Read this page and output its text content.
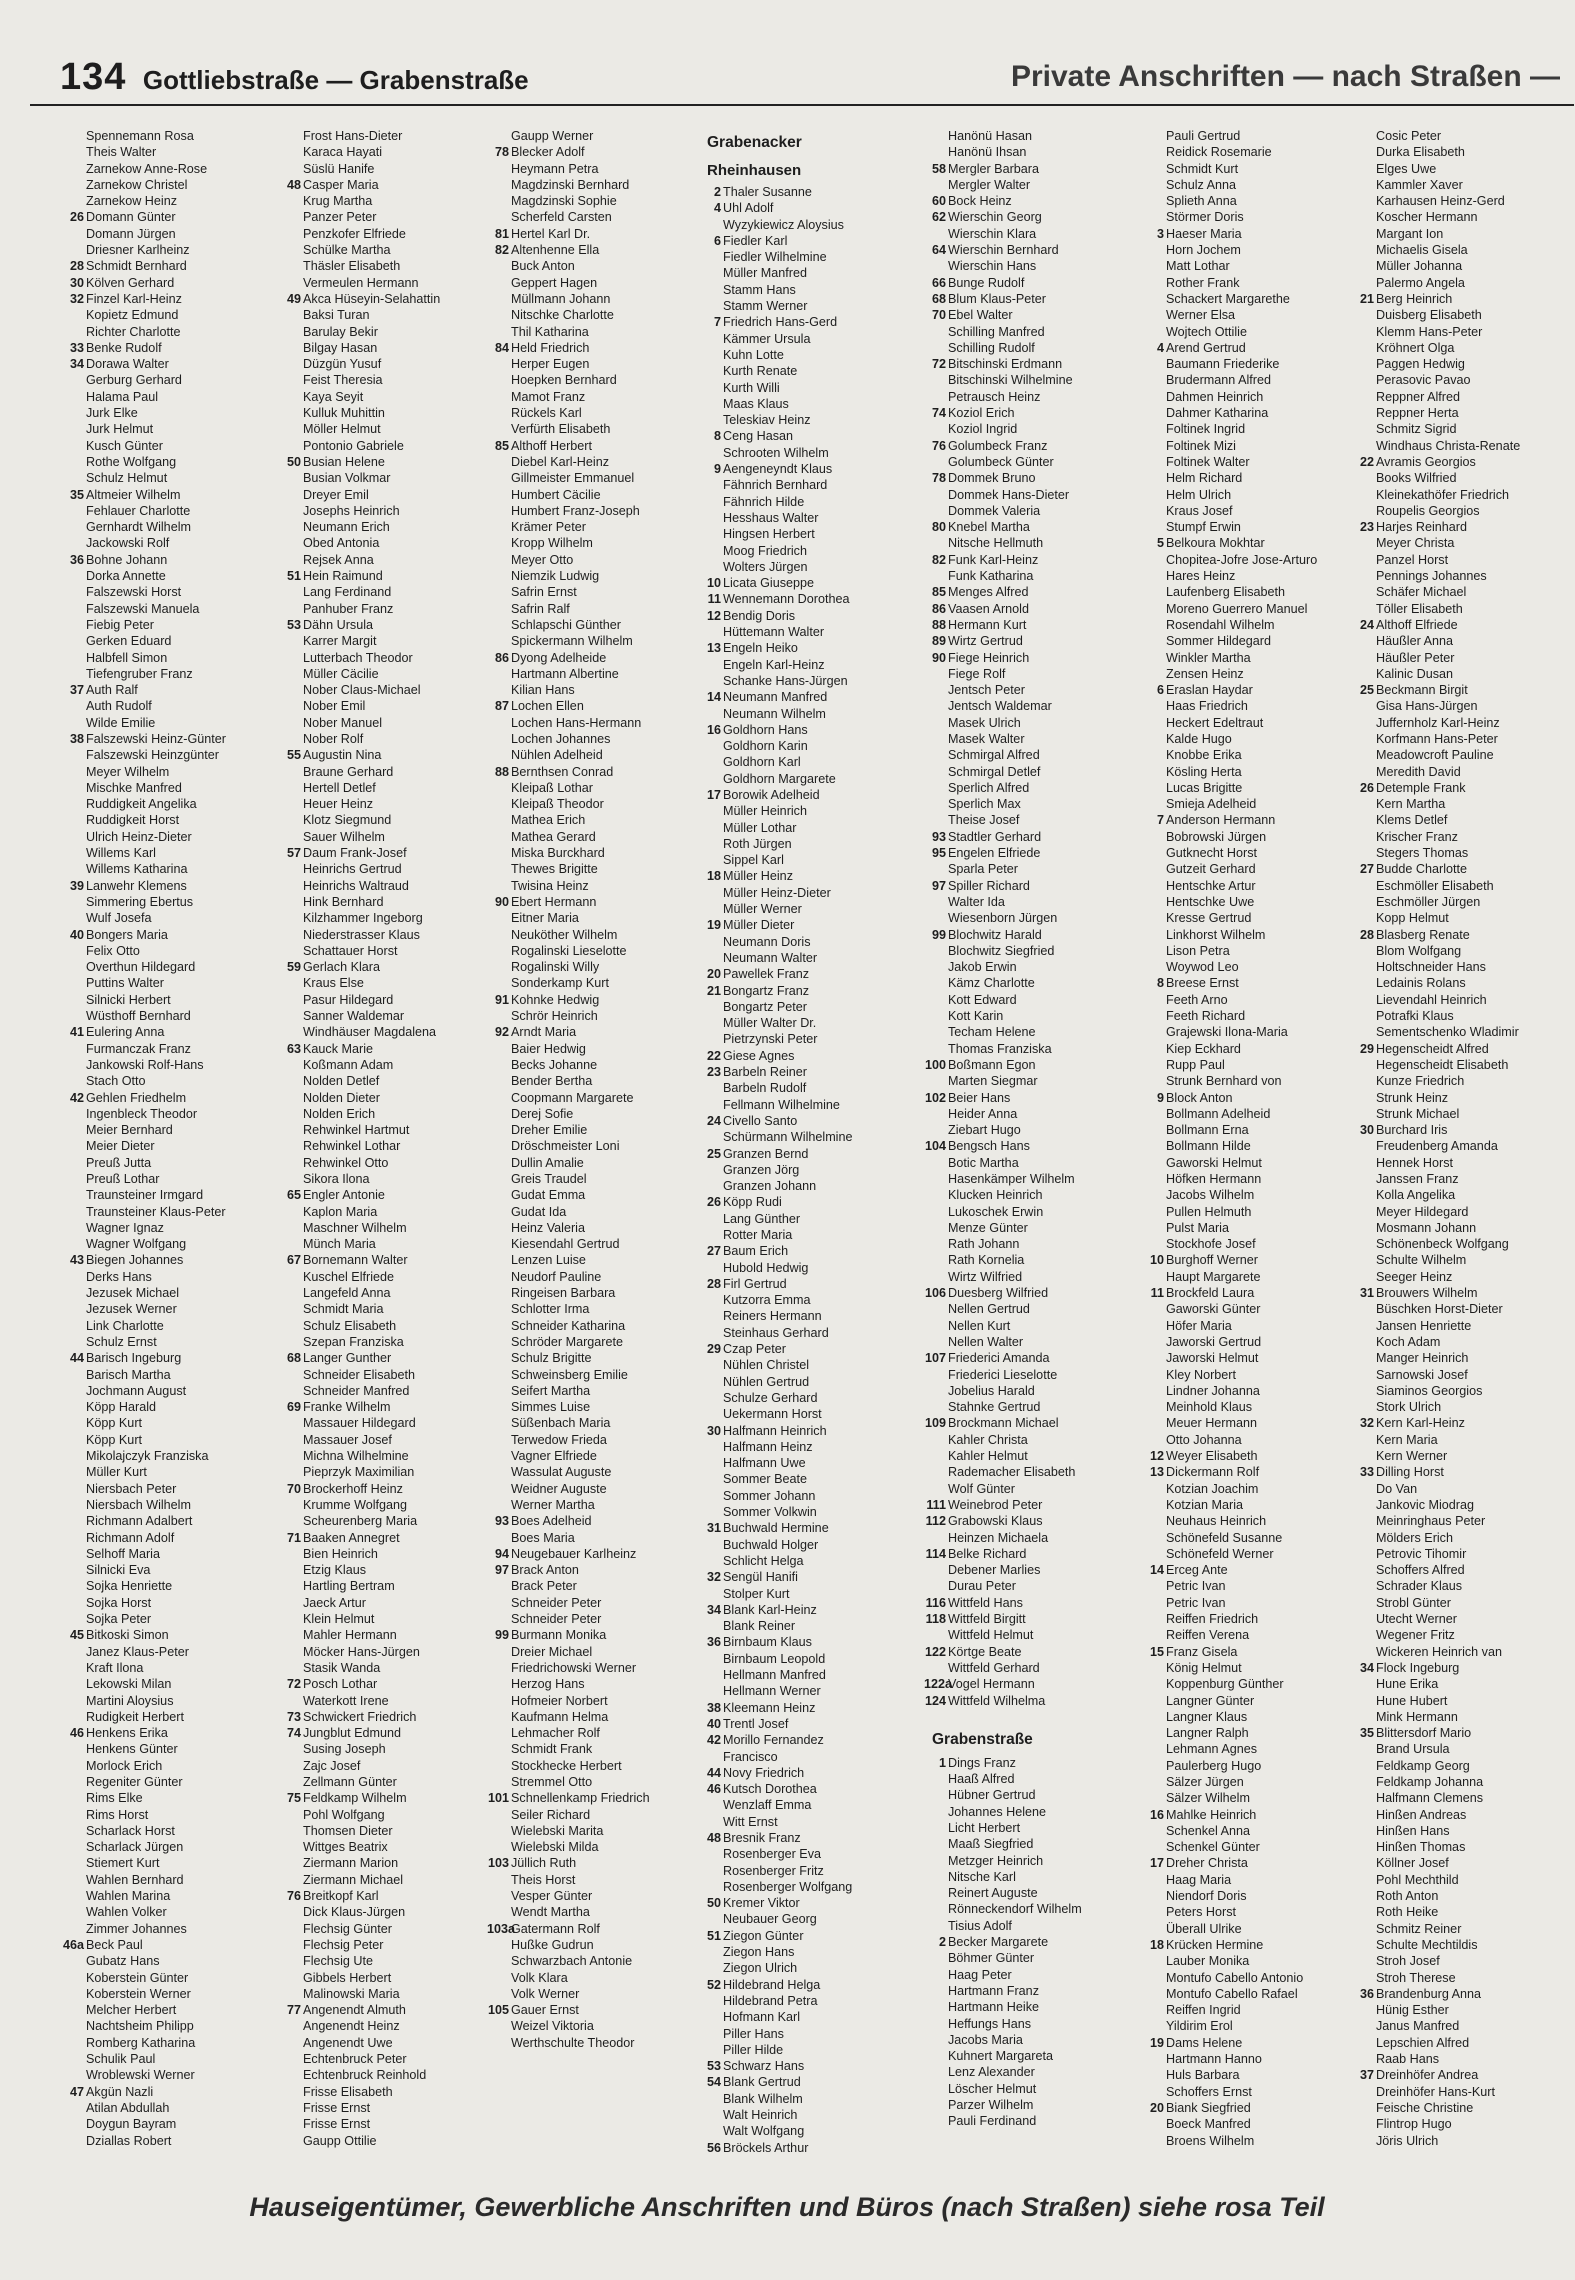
134 Gottliebstraße — Grabenstraße	Private Anschriften — nach Straßen —
Spennemann Rosa
Theis Walter
Zarnekow Anne-Rose
Zarnekow Christel
Zarnekow Heinz
26 Domann Günter
Domann Jürgen
Driesner Karlheinz
28 Schmidt Bernhard
30 Kölven Gerhard
32 Finzel Karl-Heinz
Kopietz Edmund
Richter Charlotte
33 Benke Rudolf
34 Dorawa Walter
Gerburg Gerhard
Halama Paul
Jurk Elke
Jurk Helmut
Kusch Günter
Rothe Wolfgang
Schulz Helmut
35 Altmeier Wilhelm
Fehlauer Charlotte
Gernhardt Wilhelm
Jackowski Rolf
36 Bohne Johann
Dorka Annette
Falszewski Horst
Falszewski Manuela
Fiebig Peter
Gerken Eduard
Halbfell Simon
Tiefengruber Franz
37 Auth Ralf
Auth Rudolf
Wilde Emilie
38 Falszewski Heinz-Günter
Falszewski Heinzgünter
Meyer Wilhelm
Mischke Manfred
Ruddigkeit Angelika
Ruddigkeit Horst
Ulrich Heinz-Dieter
Willems Karl
Willems Katharina
39 Lanwehr Klemens
Simmering Ebertus
Wulf Josefa
40 Bongers Maria
Felix Otto
Overthun Hildegard
Puttins Walter
Silnicki Herbert
Wüsthoff Bernhard
41 Eulering Anna
Furmanczak Franz
Jankowski Rolf-Hans
Stach Otto
42 Gehlen Friedhelm
Ingenbleck Theodor
Meier Bernhard
Meier Dieter
Preuß Jutta
Preuß Lothar
Traunsteiner Irmgard
Traunsteiner Klaus-Peter
Wagner Ignaz
Wagner Wolfgang
43 Biegen Johannes
Derks Hans
Jezusek Michael
Jezusek Werner
Link Charlotte
Schulz Ernst
44 Barisch Ingeburg
Barisch Martha
Jochmann August
Köpp Harald
Köpp Kurt
Köpp Kurt
Mikolajczyk Franziska
Müller Kurt
Niersbach Peter
Niersbach Wilhelm
Richmann Adalbert
Richmann Adolf
Selhoff Maria
Silnicki Eva
Sojka Henriette
Sojka Horst
Sojka Peter
45 Bitkoski Simon
Janez Klaus-Peter
Kraft Ilona
Lekowski Milan
Martini Aloysius
Rudigkeit Herbert
46 Henkens Erika
Henkens Günter
Morlock Erich
Regeniter Günter
Rims Elke
Rims Horst
Scharlack Horst
Scharlack Jürgen
Stiemert Kurt
Wahlen Bernhard
Wahlen Marina
Wahlen Volker
Zimmer Johannes
46a Beck Paul
Gubatz Hans
Koberstein Günter
Koberstein Werner
Melcher Herbert
Nachtsheim Philipp
Romberg Katharina
Schulik Paul
Wroblewski Werner
47 Akgün Nazli
Atilan Abdullah
Doygun Bayram
Dziallas Robert
Frost Hans-Dieter
Karaca Hayati
Süslü Hanife
48 Casper Maria
Krug Martha
Panzer Peter
Penzkofer Elfriede
Schülke Martha
Thäsler Elisabeth
Vermeulen Hermann
49 Akca Hüseyin-Selahattin
Baksi Turan
Barulay Bekir
Bilgay Hasan
Düzgün Yusuf
Feist Theresia
Kaya Seyit
Kulluk Muhittin
Möller Helmut
Pontonio Gabriele
50 Busian Helene
Busian Volkmar
Dreyer Emil
Josephs Heinrich
Neumann Erich
Obed Antonia
Rejsek Anna
51 Hein Raimund
Lang Ferdinand
Panhuber Franz
53 Dähn Ursula
Karrer Margit
Lutterbach Theodor
Müller Cäcilie
Nober Claus-Michael
Nober Emil
Nober Manuel
Nober Rolf
55 Augustin Nina
Braune Gerhard
Hertell Detlef
Heuer Heinz
Klotz Siegmund
Sauer Wilhelm
57 Daum Frank-Josef
Heinrichs Gertrud
Heinrichs Waltraud
Hink Bernhard
Kilzhammer Ingeborg
Niederstrasser Klaus
Schattauer Horst
59 Gerlach Klara
Kraus Else
Pasur Hildegard
Sanner Waldemar
Windhäuser Magdalena
63 Kauck Marie
Koßmann Adam
Nolden Detlef
Nolden Dieter
Nolden Erich
Rehwinkel Hartmut
Rehwinkel Lothar
Rehwinkel Otto
Sikora Ilona
65 Engler Antonie
Kaplon Maria
Maschner Wilhelm
Münch Maria
67 Bornemann Walter
Kuschel Elfriede
Langefeld Anna
Schmidt Maria
Schulz Elisabeth
Szepan Franziska
68 Langer Gunther
Schneider Elisabeth
Schneider Manfred
69 Franke Wilhelm
Massauer Hildegard
Massauer Josef
Michna Wilhelmine
Pieprzyk Maximilian
70 Brockerhoff Heinz
Krumme Wolfgang
Scheurenberg Maria
71 Baaken Annegret
Bien Heinrich
Etzig Klaus
Hartling Bertram
Jaeck Artur
Klein Helmut
Mahler Hermann
Möcker Hans-Jürgen
Stasik Wanda
72 Posch Lothar
Waterkott Irene
73 Schwickert Friedrich
74 Jungblut Edmund
Susing Joseph
Zajc Josef
Zellmann Günter
75 Feldkamp Wilhelm
Pohl Wolfgang
Thomsen Dieter
Wittges Beatrix
Ziermann Marion
Ziermann Michael
76 Breitkopf Karl
Dick Klaus-Jürgen
Flechsig Günter
Flechsig Peter
Flechsig Ute
Gibbels Herbert
Malinowski Maria
77 Angenendt Almuth
Angenendt Heinz
Angenendt Uwe
Echtenbruck Peter
Echtenbruck Reinhold
Frisse Elisabeth
Frisse Ernst
Frisse Ernst
Gaupp Ottilie
Gaupp Werner
78 Blecker Adolf
Heymann Petra
Magdzinski Bernhard
Magdzinski Sophie
Scherfeld Carsten
81 Hertel Karl Dr.
82 Altenhenne Ella
Buck Anton
Geppert Hagen
Müllmann Johann
Nitschke Charlotte
Thil Katharina
84 Held Friedrich
Herper Eugen
Hoepken Bernhard
Mamot Franz
Rückels Karl
Verfürth Elisabeth
85 Althoff Herbert
Diebel Karl-Heinz
Gillmeister Emmanuel
Humbert Cäcilie
Humbert Franz-Joseph
Krämer Peter
Kropp Wilhelm
Meyer Otto
Niemzik Ludwig
Safrin Ernst
Safrin Ralf
Schlapschi Günther
Spickermann Wilhelm
86 Dyong Adelheide
Hartmann Albertine
Kilian Hans
87 Lochen Ellen
Lochen Hans-Hermann
Lochen Johannes
Nühlen Adelheid
88 Bernthsen Conrad
Kleipaß Lothar
Kleipaß Theodor
Mathea Erich
Mathea Gerard
Miska Burckhard
Thewes Brigitte
Twisina Heinz
90 Ebert Hermann
Eitner Maria
Neuköther Wilhelm
Rogalinski Lieselotte
Rogalinski Willy
Sonderkamp Kurt
91 Kohnke Hedwig
Schrör Heinrich
92 Arndt Maria
Baier Hedwig
Becks Johanne
Bender Bertha
Coopmann Margarete
Derej Sofie
Dreher Emilie
Dröschmeister Loni
Dullin Amalie
Greis Traudel
Gudat Emma
Gudat Ida
Heinz Valeria
Kiesendahl Gertrud
Lenzen Luise
Neudorf Pauline
Ringeisen Barbara
Schlotter Irma
Schneider Katharina
Schröder Margarete
Schulz Brigitte
Schweinsberg Emilie
Seifert Martha
Simmes Luise
Süßenbach Maria
Terwedow Frieda
Vagner Elfriede
Wassulat Auguste
Weidner Auguste
Werner Martha
93 Boes Adelheid
Boes Maria
94 Neugebauer Karlheinz
97 Brack Anton
Brack Peter
Schneider Peter
Schneider Peter
99 Burmann Monika
Dreier Michael
Friedrichowski Werner
Herzog Hans
Hofmeier Norbert
Kaufmann Helma
Lehmacher Rolf
Schmidt Frank
Stockhecke Herbert
Stremmel Otto
101 Schnellenkamp Friedrich
Seiler Richard
Wielebski Marita
Wielebski Milda
103 Jüllich Ruth
Theis Horst
Vesper Günter
Wendt Martha
103a
Gatermann Rolf
Hußke Gudrun
Schwarzbach Antonie
Volk Klara
Volk Werner
105 Gauer Ernst
Weizel Viktoria
Werthschulte Theodor
Grabenacker
Rheinhausen
2 Thaler Susanne
4 Uhl Adolf
Wyzykiewicz Aloysius
6 Fiedler Karl
Fiedler Wilhelmine
Müller Manfred
Stamm Hans
Stamm Werner
7 Friedrich Hans-Gerd
Kämmer Ursula
Kuhn Lotte
Kurth Renate
Kurth Willi
Maas Klaus
Teleskiav Heinz
8 Ceng Hasan
Schrooten Wilhelm
9 Aengeneyndt Klaus
Fähnrich Bernhard
Fähnrich Hilde
Hesshaus Walter
Hingsen Herbert
Moog Friedrich
Wolters Jürgen
10 Licata Giuseppe
11 Wennemann Dorothea
12 Bendig Doris
Hüttemann Walter
13 Engeln Heiko
Engeln Karl-Heinz
Schanke Hans-Jürgen
14 Neumann Manfred
Neumann Wilhelm
16 Goldhorn Hans
Goldhorn Karin
Goldhorn Karl
Goldhorn Margarete
17 Borowik Adelheid
Müller Heinrich
Müller Lothar
Roth Jürgen
Sippel Karl
18 Müller Heinz
Müller Heinz-Dieter
Müller Werner
19 Müller Dieter
Neumann Doris
Neumann Walter
20 Pawellek Franz
21 Bongartz Franz
Bongartz Peter
Müller Walter Dr.
Pietrzynski Peter
22 Giese Agnes
23 Barbeln Reiner
Barbeln Rudolf
Fellmann Wilhelmine
24 Civello Santo
Schürmann Wilhelmine
25 Granzen Bernd
Granzen Jörg
Granzen Johann
26 Köpp Rudi
Lang Günther
Rotter Maria
27 Baum Erich
Hubold Hedwig
28 Firl Gertrud
Kutzorra Emma
Reiners Hermann
Steinhaus Gerhard
29 Czap Peter
Nühlen Christel
Nühlen Gertrud
Schulze Gerhard
Uekermann Horst
30 Halfmann Heinrich
Halfmann Heinz
Halfmann Uwe
Sommer Beate
Sommer Johann
Sommer Volkwin
31 Buchwald Hermine
Buchwald Holger
Schlicht Helga
32 Sengül Hanifi
Stolper Kurt
34 Blank Karl-Heinz
Blank Reiner
36 Birnbaum Klaus
Birnbaum Leopold
Hellmann Manfred
Hellmann Werner
38 Kleemann Heinz
40 Trentl Josef
42 Morillo Fernandez
Francisco
44 Novy Friedrich
46 Kutsch Dorothea
Wenzlaff Emma
Witt Ernst
48 Bresnik Franz
Rosenberger Eva
Rosenberger Fritz
Rosenberger Wolfgang
50 Kremer Viktor
Neubauer Georg
51 Ziegon Günter
Ziegon Hans
Ziegon Ulrich
52 Hildebrand Helga
Hildebrand Petra
Hofmann Karl
Piller Hans
Piller Hilde
53 Schwarz Hans
54 Blank Gertrud
Blank Wilhelm
Walt Heinrich
Walt Wolfgang
56 Bröckels Arthur
Hanönü Hasan
Hanönü Ihsan
58 Mergler Barbara
Mergler Walter
60 Bock Heinz
62 Wierschin Georg
Wierschin Klara
64 Wierschin Bernhard
Wierschin Hans
66 Bunge Rudolf
68 Blum Klaus-Peter
70 Ebel Walter
Schilling Manfred
Schilling Rudolf
72 Bitschinski Erdmann
Bitschinski Wilhelmine
Petrausch Heinz
74 Koziol Erich
Koziol Ingrid
76 Golumbeck Franz
Golumbeck Günter
78 Dommek Bruno
Dommek Hans-Dieter
Dommek Valeria
80 Knebel Martha
Nitsche Hellmuth
82 Funk Karl-Heinz
Funk Katharina
85 Menges Alfred
86 Vaasen Arnold
88 Hermann Kurt
89 Wirtz Gertrud
90 Fiege Heinrich
Fiege Rolf
Jentsch Peter
Jentsch Waldemar
Masek Ulrich
Masek Walter
Schmirgal Alfred
Schmirgal Detlef
Sperlich Alfred
Sperlich Max
Theise Josef
93 Stadtler Gerhard
95 Engelen Elfriede
Sparla Peter
97 Spiller Richard
Walter Ida
Wiesenborn Jürgen
99 Blochwitz Harald
Blochwitz Siegfried
Jakob Erwin
Kämz Charlotte
Kott Edward
Kott Karin
Techam Helene
Thomas Franziska
100 Boßmann Egon
Marten Siegmar
102 Beier Hans
Heider Anna
Ziebart Hugo
104 Bengsch Hans
Botic Martha
Hasenkämper Wilhelm
Klucken Heinrich
Lukoschek Erwin
Menze Günter
Rath Johann
Rath Kornelia
Wirtz Wilfried
106 Duesberg Wilfried
Nellen Gertrud
Nellen Kurt
Nellen Walter
107 Friederici Amanda
Friederici Lieselotte
Jobelius Harald
Stahnke Gertrud
109 Brockmann Michael
Kahler Christa
Kahler Helmut
Rademacher Elisabeth
Wolf Günter
111 Weinebrod Peter
112 Grabowski Klaus
Heinzen Michaela
114 Belke Richard
Debener Marlies
Durau Peter
116 Wittfeld Hans
118 Wittfeld Birgitt
Wittfeld Helmut
122 Körtge Beate
Wittfeld Gerhard
122a
Vogel Hermann
124 Wittfeld Wilhelma
Grabenstraße
1 Dings Franz
Haaß Alfred
Hübner Gertrud
Johannes Helene
Licht Herbert
Maaß Siegfried
Metzger Heinrich
Nitsche Karl
Reinert Auguste
Rönneckendorf Wilhelm
Tisius Adolf
2 Becker Margarete
Böhmer Günter
Haag Peter
Hartmann Franz
Hartmann Heike
Heffungs Hans
Jacobs Maria
Kuhnert Margareta
Lenz Alexander
Löscher Helmut
Parzer Wilhelm
Pauli Ferdinand
Pauli Gertrud
Reidick Rosemarie
Schmidt Kurt
Schulz Anna
Splieth Anna
Störmer Doris
3 Haeser Maria
Horn Jochem
Matt Lothar
Rother Frank
Schackert Margarethe
Werner Elsa
Wojtech Ottilie
4 Arend Gertrud
Baumann Friederike
Brudermann Alfred
Dahmen Heinrich
Dahmer Katharina
Foltinek Ingrid
Foltinek Mizi
Foltinek Walter
Helm Richard
Helm Ulrich
Kraus Josef
Stumpf Erwin
5 Belkoura Mokhtar
Chopitea-Jofre Jose-Arturo
Hares Heinz
Laufenberg Elisabeth
Moreno Guerrero Manuel
Rosendahl Wilhelm
Sommer Hildegard
Winkler Martha
Zensen Heinz
6 Eraslan Haydar
Haas Friedrich
Heckert Edeltraut
Kalde Hugo
Knobbe Erika
Kösling Herta
Lucas Brigitte
Smieja Adelheid
7 Anderson Hermann
Bobrowski Jürgen
Gutknecht Horst
Gutzeit Gerhard
Hentschke Artur
Hentschke Uwe
Kresse Gertrud
Linkhorst Wilhelm
Lison Petra
Woywod Leo
8 Breese Ernst
Feeth Arno
Feeth Richard
Grajewski Ilona-Maria
Kiep Eckhard
Rupp Paul
Strunk Bernhard von
9 Block Anton
Bollmann Adelheid
Bollmann Erna
Bollmann Hilde
Gaworski Helmut
Höfken Hermann
Jacobs Wilhelm
Pullen Helmuth
Pulst Maria
Stockhofe Josef
10 Burghoff Werner
Haupt Margarete
11 Brockfeld Laura
Gaworski Günter
Höfer Maria
Jaworski Gertrud
Jaworski Helmut
Kley Norbert
Lindner Johanna
Meinhold Klaus
Meuer Hermann
Otto Johanna
12 Weyer Elisabeth
13 Dickermann Rolf
Kotzian Joachim
Kotzian Maria
Neuhaus Heinrich
Schönefeld Susanne
Schönefeld Werner
14 Erceg Ante
Petric Ivan
Petric Ivan
Reiffen Friedrich
Reiffen Verena
15 Franz Gisela
König Helmut
Koppenburg Günther
Langner Günter
Langner Klaus
Langner Ralph
Lehmann Agnes
Paulerberg Hugo
Sälzer Jürgen
Sälzer Wilhelm
16 Mahlke Heinrich
Schenkel Anna
Schenkel Günter
17 Dreher Christa
Haag Maria
Niendorf Doris
Peters Horst
Überall Ulrike
18 Krücken Hermine
Lauber Monika
Montufo Cabello Antonio
Montufo Cabello Rafael
Reiffen Ingrid
Yildirim Erol
19 Dams Helene
Hartmann Hanno
Huls Barbara
Schoffers Ernst
20 Biank Siegfried
Boeck Manfred
Broens Wilhelm
Cosic Peter
Durka Elisabeth
Elges Uwe
Kammler Xaver
Karhausen Heinz-Gerd
Koscher Hermann
Margant Ion
Michaelis Gisela
Müller Johanna
Palermo Angela
21 Berg Heinrich
Duisberg Elisabeth
Klemm Hans-Peter
Kröhnert Olga
Paggen Hedwig
Perasovic Pavao
Reppner Alfred
Reppner Herta
Schmitz Sigrid
Windhaus Christa-Renate
22 Avramis Georgios
Books Wilfried
Kleinekathöfer Friedrich
Roupelis Georgios
23 Harjes Reinhard
Meyer Christa
Panzel Horst
Pennings Johannes
Schäfer Michael
Töller Elisabeth
24 Althoff Elfriede
Häußler Anna
Häußler Peter
Kalinic Dusan
25 Beckmann Birgit
Gisa Hans-Jürgen
Juffernholz Karl-Heinz
Korfmann Hans-Peter
Meadowcroft Pauline
Meredith David
26 Detemple Frank
Kern Martha
Klems Detlef
Krischer Franz
Stegers Thomas
27 Budde Charlotte
Eschmöller Elisabeth
Eschmöller Jürgen
Kopp Helmut
28 Blasberg Renate
Blom Wolfgang
Holtschneider Hans
Ledainis Rolans
Lievendahl Heinrich
Potrafki Klaus
Sementschenko Wladimir
29 Hegenscheidt Alfred
Hegenscheidt Elisabeth
Kunze Friedrich
Strunk Heinz
Strunk Michael
30 Burchard Iris
Freudenberg Amanda
Hennek Horst
Janssen Franz
Kolla Angelika
Meyer Hildegard
Mosmann Johann
Schönenbeck Wolfgang
Schulte Wilhelm
Seeger Heinz
31 Brouwers Wilhelm
Büschken Horst-Dieter
Jansen Henriette
Koch Adam
Manger Heinrich
Sarnowski Josef
Siaminos Georgios
Stork Ulrich
32 Kern Karl-Heinz
Kern Maria
Kern Werner
33 Dilling Horst
Do Van
Jankovic Miodrag
Meinringhaus Peter
Mölders Erich
Petrovic Tihomir
Schoffers Alfred
Schrader Klaus
Strobl Günter
Utecht Werner
Wegener Fritz
Wickeren Heinrich van
34 Flock Ingeburg
Hune Erika
Hune Hubert
Mink Hermann
35 Blittersdorf Mario
Brand Ursula
Feldkamp Georg
Feldkamp Johanna
Halfmann Clemens
Hinßen Andreas
Hinßen Hans
Hinßen Thomas
Köllner Josef
Pohl Mechthild
Roth Anton
Roth Heike
Schmitz Reiner
Schulte Mechtildis
Stroh Josef
Stroh Therese
36 Brandenburg Anna
Hünig Esther
Janus Manfred
Lepschien Alfred
Raab Hans
37 Dreinhöfer Andrea
Dreinhöfer Hans-Kurt
Feische Christine
Flintrop Hugo
Jöris Ulrich
Hauseigentümer, Gewerbliche Anschriften und Büros (nach Straßen) siehe rosa Teil
